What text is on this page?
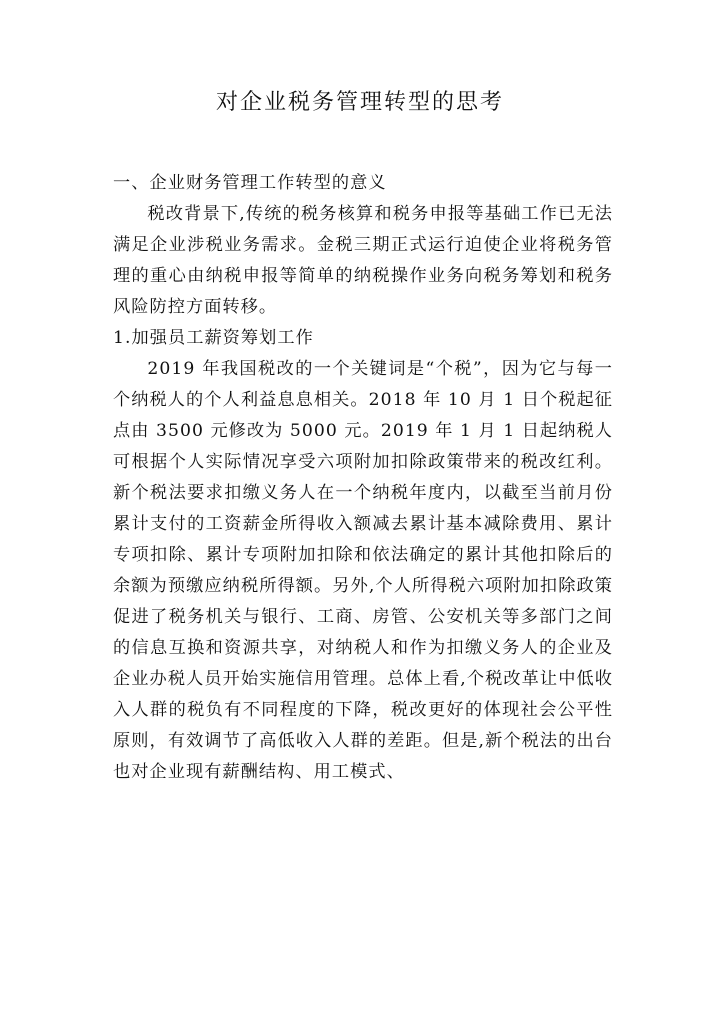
对企业税务管理转型的思考

一、企业财务管理工作转型的意义

税改背景下,传统的税务核算和税务申报等基础工作已无法满足企业涉税业务需求。金税三期正式运行迫使企业将税务管理的重心由纳税申报等简单的纳税操作业务向税务筹划和税务风险防控方面转移。

1.加强员工薪资筹划工作

2019 年我国税改的一个关键词是“个税”，因为它与每一个纳税人的个人利益息息相关。2018 年 10 月 1 日个税起征点由 3500 元修改为 5000 元。2019 年 1 月 1 日起纳税人可根据个人实际情况享受六项附加扣除政策带来的税改红利。新个税法要求扣缴义务人在一个纳税年度内，以截至当前月份累计支付的工资薪金所得收入额减去累计基本减除费用、累计专项扣除、累计专项附加扣除和依法确定的累计其他扣除后的余额为预缴应纳税所得额。另外,个人所得税六项附加扣除政策促进了税务机关与银行、工商、房管、公安机关等多部门之间的信息互换和资源共享，对纳税人和作为扣缴义务人的企业及企业办税人员开始实施信用管理。总体上看,个税改革让中低收入人群的税负有不同程度的下降，税改更好的体现社会公平性原则，有效调节了高低收入人群的差距。但是,新个税法的出台也对企业现有薪酬结构、用工模式、
